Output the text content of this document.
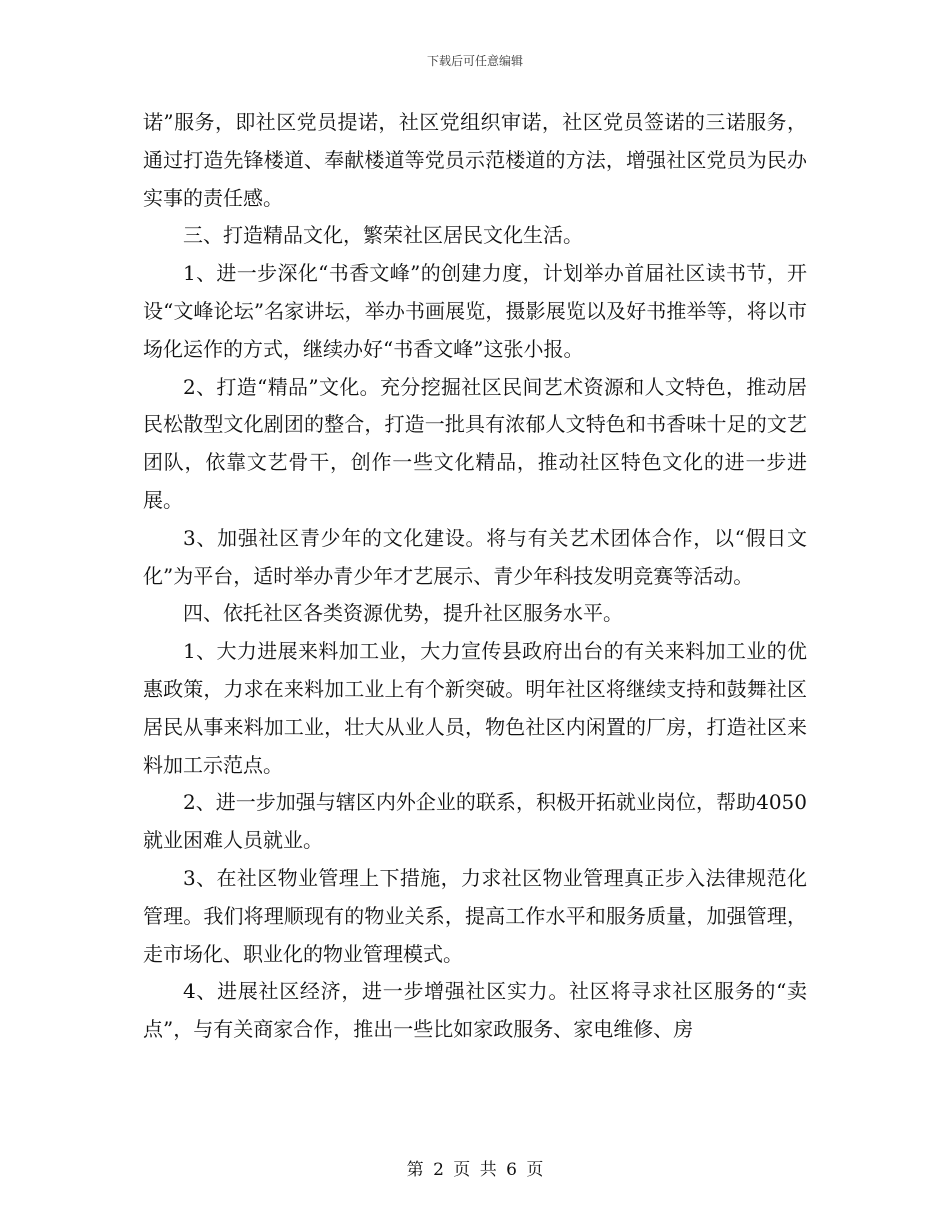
下载后可任意编辑

诺”服务，即社区党员提诺，社区党组织审诺，社区党员签诺的三诺服务，通过打造先锋楼道、奉献楼道等党员示范楼道的方法，增强社区党员为民办实事的责任感。

三、打造精品文化，繁荣社区居民文化生活。

1、进一步深化“书香文峰”的创建力度，计划举办首届社区读书节，开设“文峰论坛”名家讲坛，举办书画展览，摄影展览以及好书推举等，将以市场化运作的方式，继续办好“书香文峰”这张小报。

2、打造“精品”文化。充分挖掘社区民间艺术资源和人文特色，推动居民松散型文化剧团的整合，打造一批具有浓郁人文特色和书香味十足的文艺团队，依靠文艺骨干，创作一些文化精品，推动社区特色文化的进一步进展。

3、加强社区青少年的文化建设。将与有关艺术团体合作，以“假日文化”为平台，适时举办青少年才艺展示、青少年科技发明竞赛等活动。

四、依托社区各类资源优势，提升社区服务水平。

1、大力进展来料加工业，大力宣传县政府出台的有关来料加工业的优惠政策，力求在来料加工业上有个新突破。明年社区将继续支持和鼓舞社区居民从事来料加工业，壮大从业人员，物色社区内闲置的厂房，打造社区来料加工示范点。

2、进一步加强与辖区内外企业的联系，积极开拓就业岗位，帮助4050就业困难人员就业。

3、在社区物业管理上下措施，力求社区物业管理真正步入法律规范化管理。我们将理顺现有的物业关系，提高工作水平和服务质量，加强管理，走市场化、职业化的物业管理模式。

4、进展社区经济，进一步增强社区实力。社区将寻求社区服务的“卖点”，与有关商家合作，推出一些比如家政服务、家电维修、房

第 2 页 共 6 页
